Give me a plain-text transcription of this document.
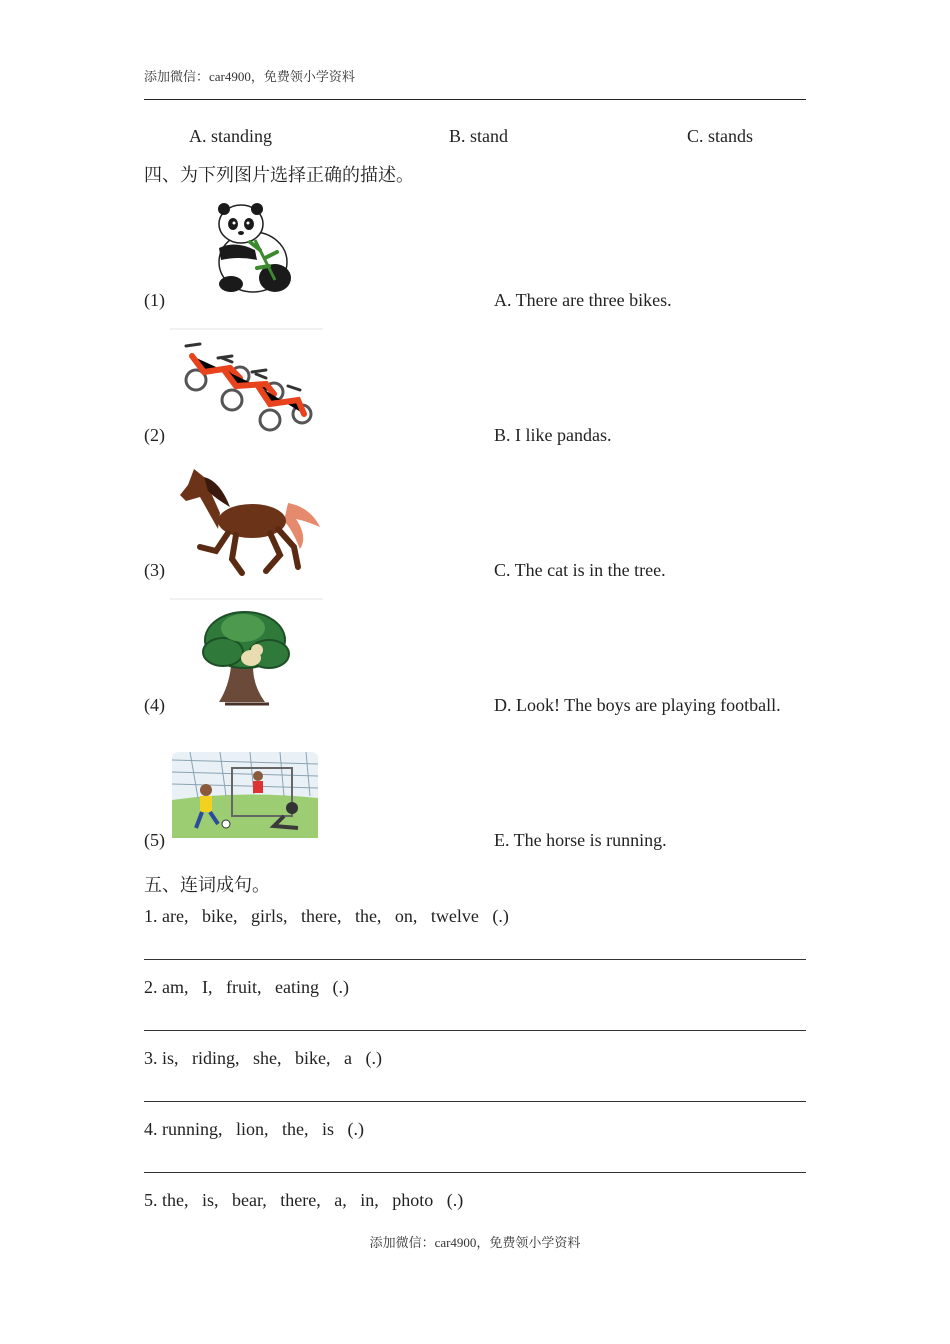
添加微信：car4900，免费领小学资料
A. standing	B. stand	C. stands
四、为下列图片选择正确的描述。
(1)
(2)
(3)
(4)
(5)
A. There are three bikes.
B. I like pandas.
C. The cat is in the tree.
D. Look! The boys are playing football.
E. The horse is running.
五、连词成句。
1. are,   bike,   girls,   there,   the,   on,   twelve   (.)
2. am,   I,   fruit,   eating   (.)
3. is,   riding,   she,   bike,   a   (.)
4. running,   lion,   the,   is   (.)
5. the,   is,   bear,   there,   a,   in,   photo   (.)
添加微信：car4900，免费领小学资料
